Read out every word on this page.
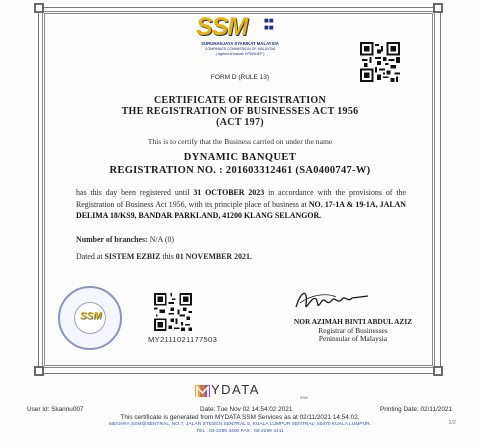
SSM ■■
■■
SURUHANJAYA SYARIKAT MALAYSIA
COMPANIES COMMISSION OF MALAYSIA
( Agensi di bawah KPDNHEP )
FORM D (RULE 13)
CERTIFICATE OF REGISTRATION
THE REGISTRATION OF BUSINESSES ACT 1956
(ACT 197)
This is to certify that the Business carried on under the name
DYNAMIC BANQUET
REGISTRATION NO. : 201603312461 (SA0400747-W)
has this day been registered until 31 OCTOBER 2023 in accordance with the provisions of the Registration of Business Act 1956, with its principle place of business at NO. 17-1A & 19-1A, JALAN DELIMA 18/KS9, BANDAR PARKLAND, 41200 KLANG SELANGOR.
Number of branches: N/A (0)
Dated at SISTEM EZBIZ this 01 NOVEMBER 2021.
SSM
MY2111021177503
NOR AZIMAH BINTI ABDUL AZIZ
Registrar of Businesses
Peninsular of Malaysia
YDATA
SSM
User Id: Skannu007	Date: Tue Nov 02 14:54:02 2021	Printing Date: 02/11/2021
This certificate is generated from MYDATA SSM Services as at 02/11/2021 14:54:02.
1/2
MENARA SSM@SENTRAL, NO.7, JALAN STESEN SENTRAL 5, KUALA LUMPUR SENTRAL, 50470 KUALA LUMPUR.
TEL : 03-2299 4400 FAX : 03-2299 4411
